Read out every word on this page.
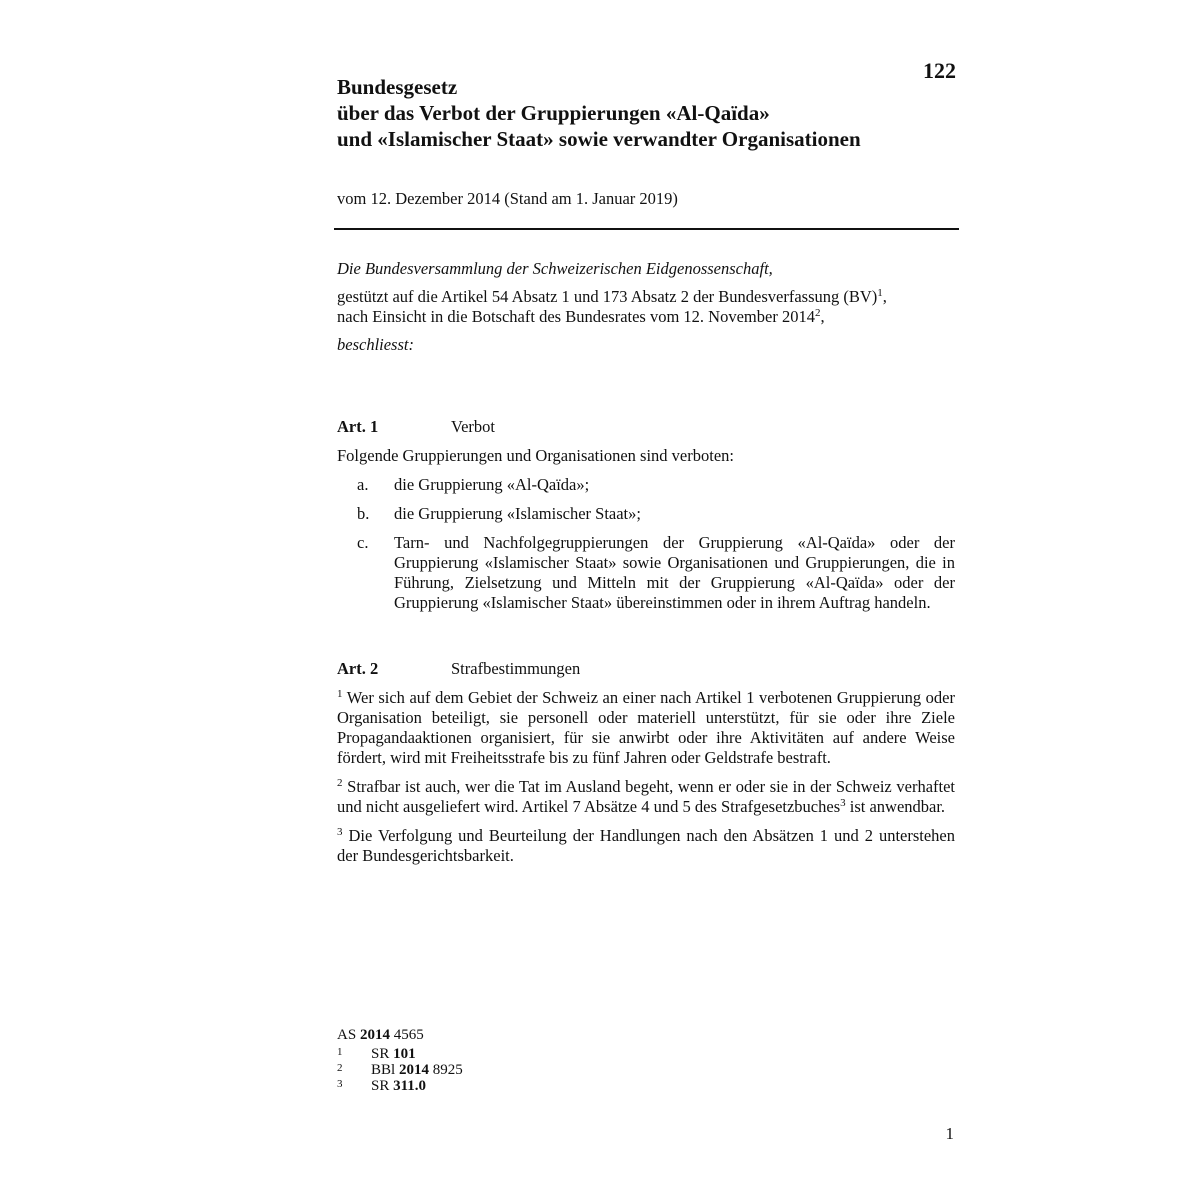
122
Bundesgesetz
über das Verbot der Gruppierungen «Al-Qaïda»
und «Islamischer Staat» sowie verwandter Organisationen
vom 12. Dezember 2014 (Stand am 1. Januar 2019)

Die Bundesversammlung der Schweizerischen Eidgenossenschaft,

gestützt auf die Artikel 54 Absatz 1 und 173 Absatz 2 der Bundesverfassung (BV)$^1$,

nach Einsicht in die Botschaft des Bundesrates vom 12. November 2014$^2$,

beschliesst:

Art. 1	Verbot
Folgende Gruppierungen und Organisationen sind verboten:
a.	die Gruppierung «Al-Qaïda»;
b.	die Gruppierung «Islamischer Staat»;
c.	Tarn- und Nachfolgegruppierungen der Gruppierung «Al-Qaïda» oder der Gruppierung «Islamischer Staat» sowie Organisationen und Gruppierungen, die in Führung, Zielsetzung und Mitteln mit der Gruppierung «Al-Qaïda» oder der Gruppierung «Islamischer Staat» übereinstimmen oder in ihrem Auftrag handeln.
Art. 2	Strafbestimmungen
$^1$ Wer sich auf dem Gebiet der Schweiz an einer nach Artikel 1 verbotenen Gruppierung oder Organisation beteiligt, sie personell oder materiell unterstützt, für sie oder ihre Ziele Propagandaaktionen organisiert, für sie anwirbt oder ihre Aktivitäten auf andere Weise fördert, wird mit Freiheitsstrafe bis zu fünf Jahren oder Geldstrafe bestraft.
$^2$ Strafbar ist auch, wer die Tat im Ausland begeht, wenn er oder sie in der Schweiz verhaftet und nicht ausgeliefert wird. Artikel 7 Absätze 4 und 5 des Strafgesetzbuches$^3$ ist anwendbar.
$^3$ Die Verfolgung und Beurteilung der Handlungen nach den Absätzen 1 und 2 unterstehen der Bundesgerichtsbarkeit.
AS 2014 4565
1	SR 101
2	BBl 2014 8925
3	SR 311.0
1
